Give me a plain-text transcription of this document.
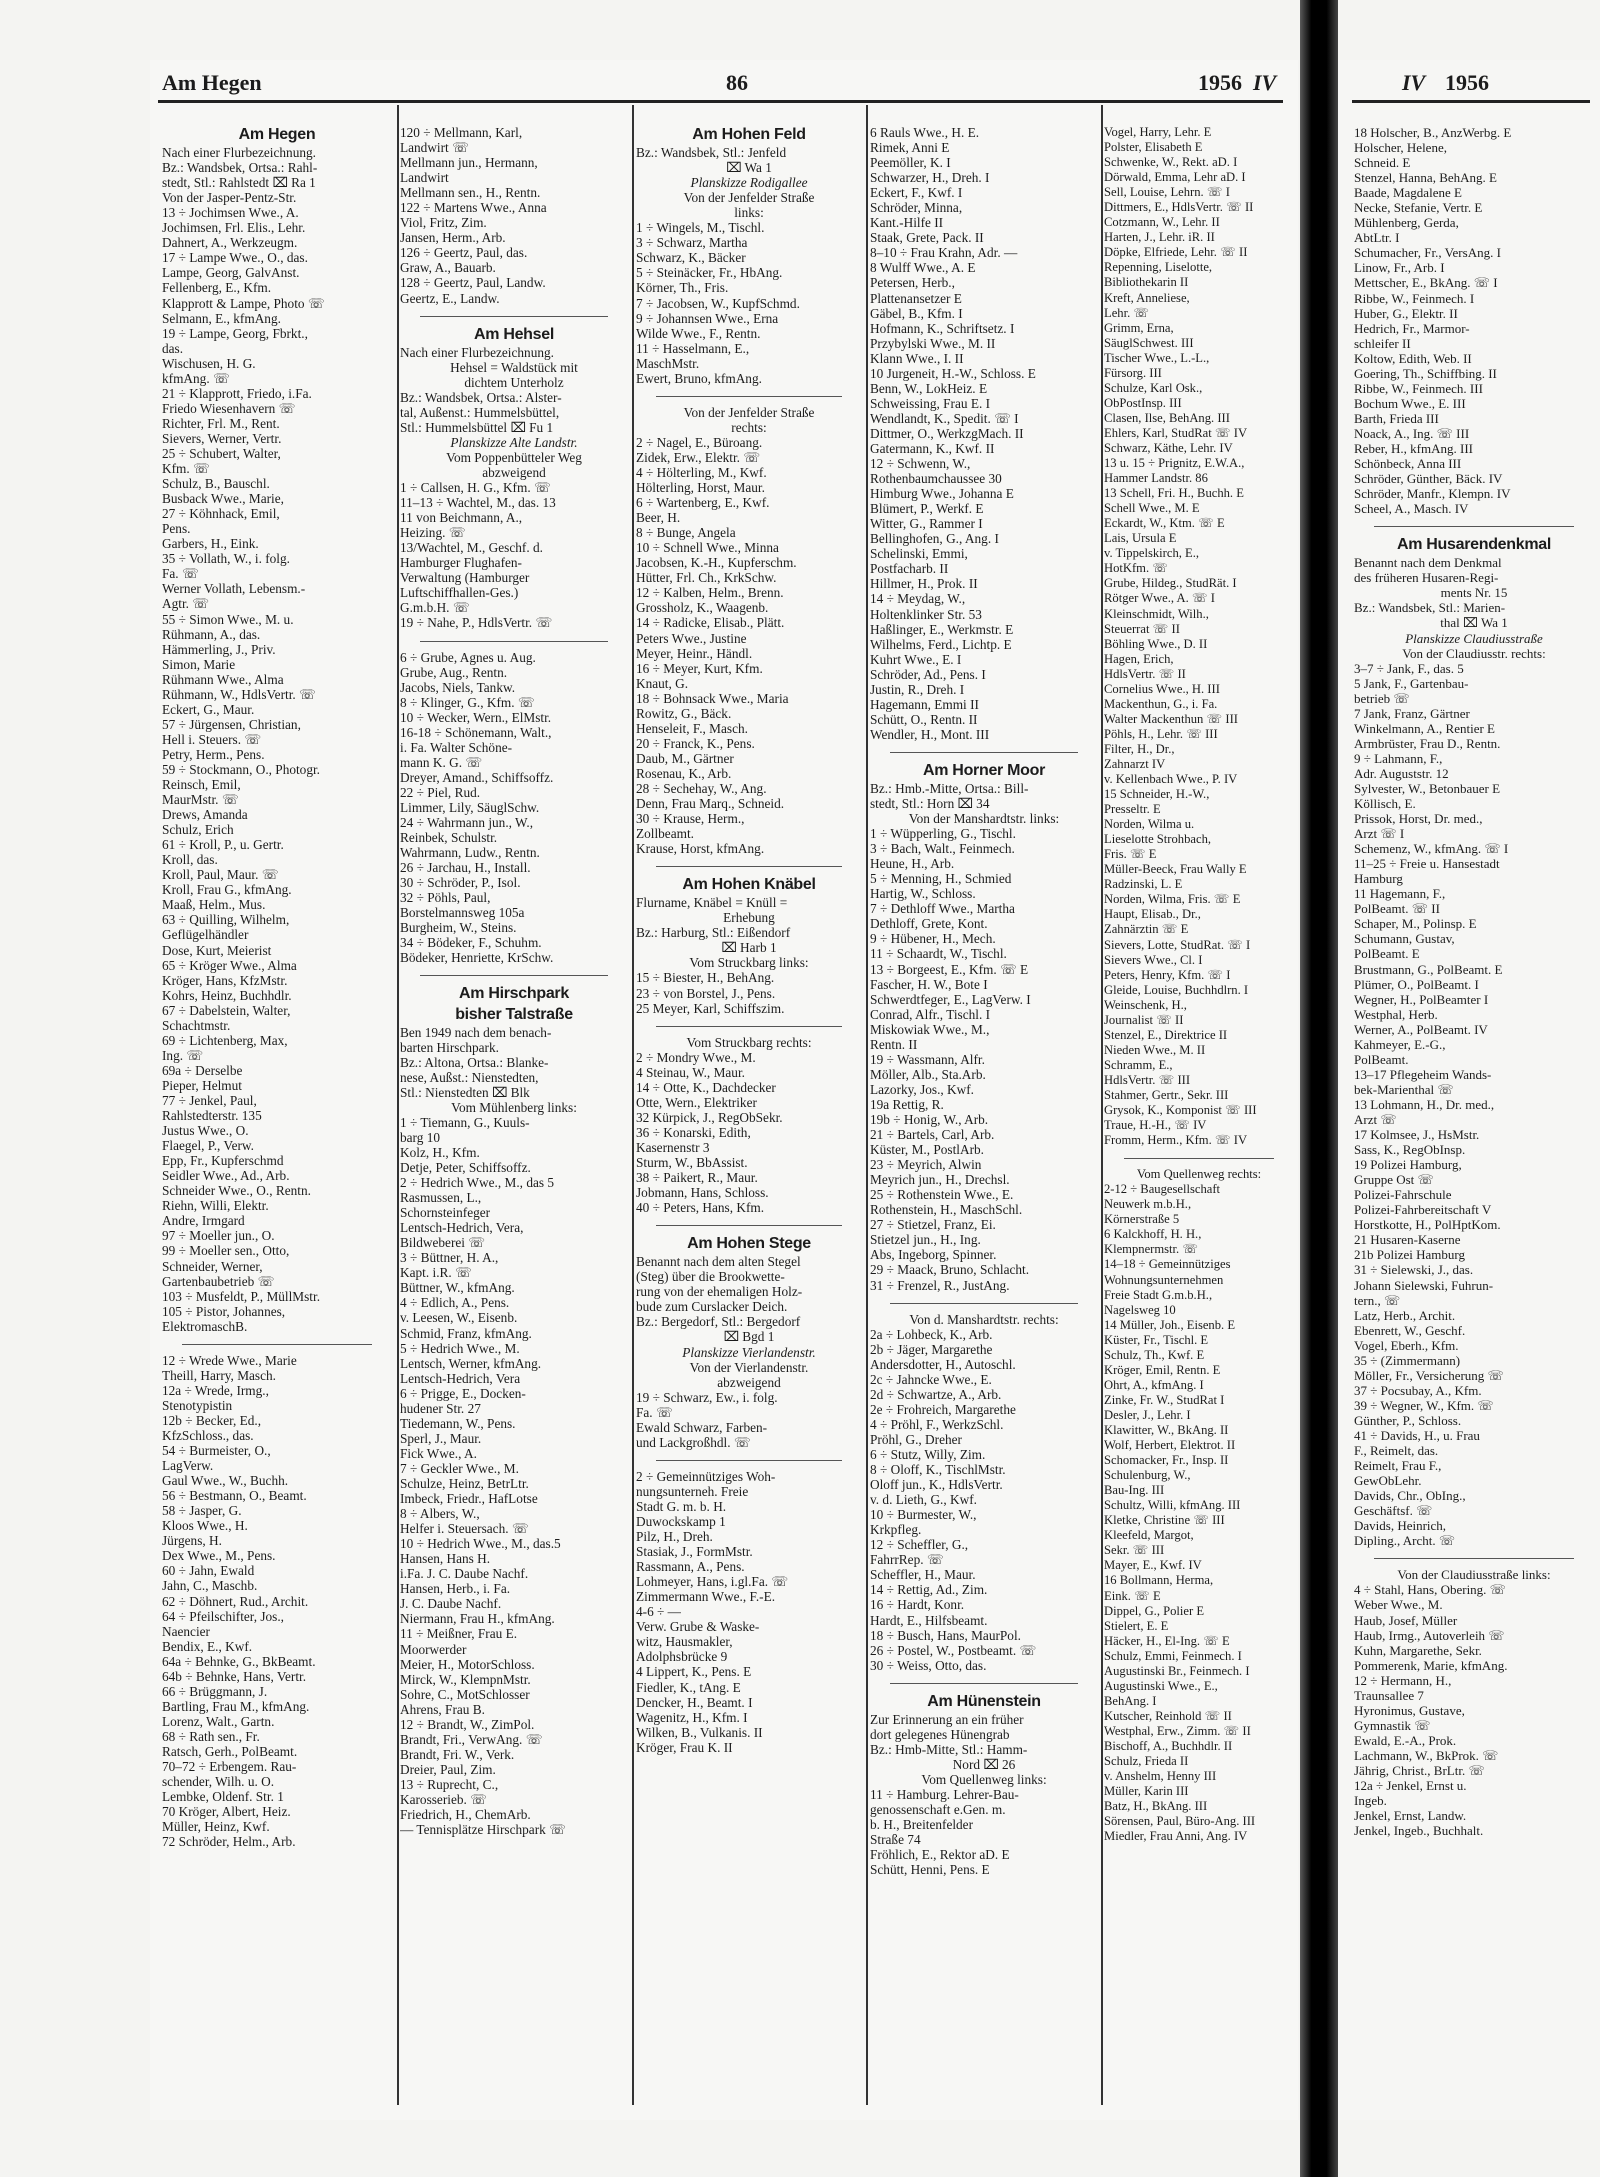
Am Hegen	86	1956 IV	IV 1956
Am Hegen
Nach einer Flurbezeichnung.
Bz.: Wandsbek, Ortsa.: Rahl-
stedt, Stl.: Rahlstedt ⌧ Ra 1
Von der Jasper-Pentz-Str.
13 ÷ Jochimsen Wwe., A.
Jochimsen, Frl. Elis., Lehr.
Dahnert, A., Werkzeugm.
17 ÷ Lampe Wwe., O., das.
Lampe, Georg, GalvAnst.
Fellenberg, E., Kfm.
Klapprott & Lampe, Photo ☏
Selmann, E., kfmAng.
19 ÷ Lampe, Georg, Fbrkt.,
das.
Wischusen, H. G.
kfmAng. ☏
21 ÷ Klapprott, Friedo, i.Fa.
Friedo Wiesenhavern ☏
Richter, Frl. M., Rent.
Sievers, Werner, Vertr.
25 ÷ Schubert, Walter,
Kfm. ☏
Schulz, B., Bauschl.
Busback Wwe., Marie,
27 ÷ Köhnhack, Emil,
Pens.
Garbers, H., Eink.
35 ÷ Vollath, W., i. folg.
Fa. ☏
Werner Vollath, Lebensm.-
Agtr. ☏
55 ÷ Simon Wwe., M. u.
Rühmann, A., das.
Hämmerling, J., Priv.
Simon, Marie
Rühmann Wwe., Alma
Rühmann, W., HdlsVertr. ☏
Eckert, G., Maur.
57 ÷ Jürgensen, Christian,
Hell i. Steuers. ☏
Petry, Herm., Pens.
59 ÷ Stockmann, O., Photogr.
Reinsch, Emil,
MaurMstr. ☏
Drews, Amanda
Schulz, Erich
61 ÷ Kroll, P., u. Gertr.
Kroll, das.
Kroll, Paul, Maur. ☏
Kroll, Frau G., kfmAng.
Maaß, Helm., Mus.
63 ÷ Quilling, Wilhelm,
Geflügelhändler
Dose, Kurt, Meierist
65 ÷ Kröger Wwe., Alma
Kröger, Hans, KfzMstr.
Kohrs, Heinz, Buchhdlr.
67 ÷ Dabelstein, Walter,
Schachtmstr.
69 ÷ Lichtenberg, Max,
Ing. ☏
69a ÷ Derselbe
Pieper, Helmut
77 ÷ Jenkel, Paul,
Rahlstedterstr. 135
Justus Wwe., O.
Flaegel, P., Verw.
Epp, Fr., Kupferschmd
Seidler Wwe., Ad., Arb.
Schneider Wwe., O., Rentn.
Riehn, Willi, Elektr.
Andre, Irmgard
97 ÷ Moeller jun., O.
99 ÷ Moeller sen., Otto,
Schneider, Werner,
Gartenbaubetrieb ☏
103 ÷ Musfeldt, P., MüllMstr.
105 ÷ Pistor, Johannes,
ElektromaschB.
12 ÷ Wrede Wwe., Marie
Theill, Harry, Masch.
12a ÷ Wrede, Irmg.,
Stenotypistin
12b ÷ Becker, Ed.,
KfzSchloss., das.
54 ÷ Burmeister, O.,
LagVerw.
Gaul Wwe., W., Buchh.
56 ÷ Bestmann, O., Beamt.
58 ÷ Jasper, G.
Kloos Wwe., H.
Jürgens, H.
Dex Wwe., M., Pens.
60 ÷ Jahn, Ewald
Jahn, C., Maschb.
62 ÷ Döhnert, Rud., Archit.
64 ÷ Pfeilschifter, Jos.,
Naencier
Bendix, E., Kwf.
64a ÷ Behnke, G., BkBeamt.
64b ÷ Behnke, Hans, Vertr.
66 ÷ Brüggmann, J.
Bartling, Frau M., kfmAng.
Lorenz, Walt., Gartn.
68 ÷ Rath sen., Fr.
Ratsch, Gerh., PolBeamt.
70–72 ÷ Erbengem. Rau-
schender, Wilh. u. O.
Lembke, Oldenf. Str. 1
70 Kröger, Albert, Heiz.
Müller, Heinz, Kwf.
72 Schröder, Helm., Arb.
120 ÷ Mellmann, Karl,
Landwirt ☏
Mellmann jun., Hermann,
Landwirt
Mellmann sen., H., Rentn.
122 ÷ Martens Wwe., Anna
Viol, Fritz, Zim.
Jansen, Herm., Arb.
126 ÷ Geertz, Paul, das.
Graw, A., Bauarb.
128 ÷ Geertz, Paul, Landw.
Geertz, E., Landw.
Am Hehsel
Nach einer Flurbezeichnung.
Hehsel = Waldstück mit
dichtem Unterholz
Bz.: Wandsbek, Ortsa.: Alster-
tal, Außenst.: Hummelsbüttel,
Stl.: Hummelsbüttel ⌧ Fu 1
Planskizze Alte Landstr.
Vom Poppenbütteler Weg
abzweigend
1 ÷ Callsen, H. G., Kfm. ☏
11–13 ÷ Wachtel, M., das. 13
11 von Beichmann, A.,
Heizing. ☏
13/Wachtel, M., Geschf. d.
Hamburger Flughafen-
Verwaltung (Hamburger
Luftschiffhallen-Ges.)
G.m.b.H. ☏
19 ÷ Nahe, P., HdlsVertr. ☏
6 ÷ Grube, Agnes u. Aug.
Grube, Aug., Rentn.
Jacobs, Niels, Tankw.
8 ÷ Klinger, G., Kfm. ☏
10 ÷ Wecker, Wern., ElMstr.
16-18 ÷ Schönemann, Walt.,
i. Fa. Walter Schöne-
mann K. G. ☏
Dreyer, Amand., Schiffsoffz.
22 ÷ Piel, Rud.
Limmer, Lily, SäuglSchw.
24 ÷ Wahrmann jun., W.,
Reinbek, Schulstr.
Wahrmann, Ludw., Rentn.
26 ÷ Jarchau, H., Install.
30 ÷ Schröder, P., Isol.
32 ÷ Pöhls, Paul,
Borstelmannsweg 105a
Burgheim, W., Steins.
34 ÷ Bödeker, F., Schuhm.
Bödeker, Henriette, KrSchw.
Am Hirschpark
bisher Talstraße
Ben 1949 nach dem benach-
barten Hirschpark.
Bz.: Altona, Ortsa.: Blanke-
nese, Außst.: Nienstedten,
Stl.: Nienstedten ⌧ Blk
Vom Mühlenberg links:
1 ÷ Tiemann, G., Kuuls-
barg 10
Kolz, H., Kfm.
Detje, Peter, Schiffsoffz.
2 ÷ Hedrich Wwe., M., das 5
Rasmussen, L.,
Schornsteinfeger
Lentsch-Hedrich, Vera,
Bildweberei ☏
3 ÷ Büttner, H. A.,
Kapt. i.R. ☏
Büttner, W., kfmAng.
4 ÷ Edlich, A., Pens.
v. Leesen, W., Eisenb.
Schmid, Franz, kfmAng.
5 ÷ Hedrich Wwe., M.
Lentsch, Werner, kfmAng.
Lentsch-Hedrich, Vera
6 ÷ Prigge, E., Docken-
hudener Str. 27
Tiedemann, W., Pens.
Sperl, J., Maur.
Fick Wwe., A.
7 ÷ Geckler Wwe., M.
Schulze, Heinz, BetrLtr.
Imbeck, Friedr., HafLotse
8 ÷ Albers, W.,
Helfer i. Steuersach. ☏
10 ÷ Hedrich Wwe., M., das.5
Hansen, Hans H.
i.Fa. J. C. Daube Nachf.
Hansen, Herb., i. Fa.
J. C. Daube Nachf.
Niermann, Frau H., kfmAng.
11 ÷ Meißner, Frau E.
Moorwerder
Meier, H., MotorSchloss.
Mirck, W., KlempnMstr.
Sohre, C., MotSchlosser
Ahrens, Frau B.
12 ÷ Brandt, W., ZimPol.
Brandt, Fri., VerwAng. ☏
Brandt, Fri. W., Verk.
Dreier, Paul, Zim.
13 ÷ Ruprecht, C.,
Karosserieb. ☏
Friedrich, H., ChemArb.
— Tennisplätze Hirschpark ☏
Am Hohen Feld
Bz.: Wandsbek, Stl.: Jenfeld
⌧ Wa 1
Planskizze Rodigallee
Von der Jenfelder Straße
links:
1 ÷ Wingels, M., Tischl.
3 ÷ Schwarz, Martha
Schwarz, K., Bäcker
5 ÷ Steinäcker, Fr., HbAng.
Körner, Th., Fris.
7 ÷ Jacobsen, W., KupfSchmd.
9 ÷ Johannsen Wwe., Erna
Wilde Wwe., F., Rentn.
11 ÷ Hasselmann, E.,
MaschMstr.
Ewert, Bruno, kfmAng.
Von der Jenfelder Straße
rechts:
2 ÷ Nagel, E., Büroang.
Zidek, Erw., Elektr. ☏
4 ÷ Hölterling, M., Kwf.
Hölterling, Horst, Maur.
6 ÷ Wartenberg, E., Kwf.
Beer, H.
8 ÷ Bunge, Angela
10 ÷ Schnell Wwe., Minna
Jacobsen, K.-H., Kupferschm.
Hütter, Frl. Ch., KrkSchw.
12 ÷ Kalben, Helm., Brenn.
Grossholz, K., Waagenb.
14 ÷ Radicke, Elisab., Plätt.
Peters Wwe., Justine
Meyer, Heinr., Händl.
16 ÷ Meyer, Kurt, Kfm.
Knaut, G.
18 ÷ Bohnsack Wwe., Maria
Rowitz, G., Bäck.
Henseleit, F., Masch.
20 ÷ Franck, K., Pens.
Daub, M., Gärtner
Rosenau, K., Arb.
28 ÷ Sechehay, W., Ang.
Denn, Frau Marq., Schneid.
30 ÷ Krause, Herm.,
Zollbeamt.
Krause, Horst, kfmAng.
Am Hohen Knäbel
Flurname, Knäbel = Knüll =
Erhebung
Bz.: Harburg, Stl.: Eißendorf
⌧ Harb 1
Vom Struckbarg links:
15 ÷ Biester, H., BehAng.
23 ÷ von Borstel, J., Pens.
25 Meyer, Karl, Schiffszim.
Vom Struckbarg rechts:
2 ÷ Mondry Wwe., M.
4 Steinau, W., Maur.
14 ÷ Otte, K., Dachdecker
Otte, Wern., Elektriker
32 Kürpick, J., RegObSekr.
36 ÷ Konarski, Edith,
Kasernenstr 3
Sturm, W., BbAssist.
38 ÷ Paikert, R., Maur.
Jobmann, Hans, Schloss.
40 ÷ Peters, Hans, Kfm.
Am Hohen Stege
Benannt nach dem alten Stegel
(Steg) über die Brookwette-
rung von der ehemaligen Holz-
bude zum Curslacker Deich.
Bz.: Bergedorf, Stl.: Bergedorf
⌧ Bgd 1
Planskizze Vierlandenstr.
Von der Vierlandenstr.
abzweigend
19 ÷ Schwarz, Ew., i. folg.
Fa. ☏
Ewald Schwarz, Farben-
und Lackgroßhdl. ☏
2 ÷ Gemeinnütziges Woh-
nungsunterneh. Freie
Stadt G. m. b. H.
Duwockskamp 1
Pilz, H., Dreh.
Stasiak, J., FormMstr.
Rassmann, A., Pens.
Lohmeyer, Hans, i.gl.Fa. ☏
Zimmermann Wwe., F.-E.
4-6 ÷ —
Verw. Grube & Waske-
witz, Hausmakler,
Adolphsbrücke 9
4 Lippert, K., Pens. E
Fiedler, K., tAng. E
Dencker, H., Beamt. I
Wagenitz, H., Kfm. I
Wilken, B., Vulkanis. II
Kröger, Frau K. II
6 Rauls Wwe., H. E.
Rimek, Anni E
Peemöller, K. I
Schwarzer, H., Dreh. I
Eckert, F., Kwf. I
Schröder, Minna,
Kant.-Hilfe II
Staak, Grete, Pack. II
8–10 ÷ Frau Krahn, Adr. —
8 Wulff Wwe., A. E
Petersen, Herb.,
Plattenansetzer E
Gäbel, B., Kfm. I
Hofmann, K., Schriftsetz. I
Przybylski Wwe., M. II
Klann Wwe., I. II
10 Jurgeneit, H.-W., Schloss. E
Benn, W., LokHeiz. E
Schweissing, Frau E. I
Wendlandt, K., Spedit. ☏ I
Dittmer, O., WerkzgMach. II
Gatermann, K., Kwf. II
12 ÷ Schwenn, W.,
Rothenbaumchaussee 30
Himburg Wwe., Johanna E
Blümert, P., Werkf. E
Witter, G., Rammer I
Bellinghofen, G., Ang. I
Schelinski, Emmi,
Postfacharb. II
Hillmer, H., Prok. II
14 ÷ Meydag, W.,
Holtenklinker Str. 53
Haßlinger, E., Werkmstr. E
Wilhelms, Ferd., Lichtp. E
Kuhrt Wwe., E. I
Schröder, Ad., Pens. I
Justin, R., Dreh. I
Hagemann, Emmi II
Schütt, O., Rentn. II
Wendler, H., Mont. III
Am Horner Moor
Bz.: Hmb.-Mitte, Ortsa.: Bill-
stedt, Stl.: Horn ⌧ 34
Von der Manshardtstr. links:
1 ÷ Wüpperling, G., Tischl.
3 ÷ Bach, Walt., Feinmech.
Heune, H., Arb.
5 ÷ Menning, H., Schmied
Hartig, W., Schloss.
7 ÷ Dethloff Wwe., Martha
Dethloff, Grete, Kont.
9 ÷ Hübener, H., Mech.
11 ÷ Schaardt, W., Tischl.
13 ÷ Borgeest, E., Kfm. ☏ E
Fascher, H. W., Bote I
Schwerdtfeger, E., LagVerw. I
Conrad, Alfr., Tischl. I
Miskowiak Wwe., M.,
Rentn. II
19 ÷ Wassmann, Alfr.
Möller, Alb., Sta.Arb.
Lazorky, Jos., Kwf.
19a Rettig, R.
19b ÷ Honig, W., Arb.
21 ÷ Bartels, Carl, Arb.
Küster, M., PostlArb.
23 ÷ Meyrich, Alwin
Meyrich jun., H., Drechsl.
25 ÷ Rothenstein Wwe., E.
Rothenstein, H., MaschSchl.
27 ÷ Stietzel, Franz, Ei.
Stietzel jun., H., Ing.
Abs, Ingeborg, Spinner.
29 ÷ Maack, Bruno, Schlacht.
31 ÷ Frenzel, R., JustAng.
Von d. Manshardtstr. rechts:
2a ÷ Lohbeck, K., Arb.
2b ÷ Jäger, Margarethe
Andersdotter, H., Autoschl.
2c ÷ Jahncke Wwe., E.
2d ÷ Schwartze, A., Arb.
2e ÷ Frohreich, Margarethe
4 ÷ Pröhl, F., WerkzSchl.
Pröhl, G., Dreher
6 ÷ Stutz, Willy, Zim.
8 ÷ Oloff, K., TischlMstr.
Oloff jun., K., HdlsVertr.
v. d. Lieth, G., Kwf.
10 ÷ Burmester, W.,
Krkpfleg.
12 ÷ Scheffler, G.,
FahrrRep. ☏
Scheffler, H., Maur.
14 ÷ Rettig, Ad., Zim.
16 ÷ Hardt, Konr.
Hardt, E., Hilfsbeamt.
18 ÷ Busch, Hans, MaurPol.
26 ÷ Postel, W., Postbeamt. ☏
30 ÷ Weiss, Otto, das.
Am Hünenstein
Zur Erinnerung an ein früher
dort gelegenes Hünengrab
Bz.: Hmb-Mitte, Stl.: Hamm-
Nord ⌧ 26
Vom Quellenweg links:
11 ÷ Hamburg. Lehrer-Bau-
genossenschaft e.Gen. m.
b. H., Breitenfelder
Straße 74
Fröhlich, E., Rektor aD. E
Schütt, Henni, Pens. E
Vogel, Harry, Lehr. E
Polster, Elisabeth E
Schwenke, W., Rekt. aD. I
Dörwald, Emma, Lehr aD. I
Sell, Louise, Lehrn. ☏ I
Dittmers, E., HdlsVertr. ☏ II
Cotzmann, W., Lehr. II
Harten, J., Lehr. iR. II
Döpke, Elfriede, Lehr. ☏ II
Repenning, Liselotte,
Bibliothekarin II
Kreft, Anneliese,
Lehr. ☏
Grimm, Erna,
SäuglSchwest. III
Tischer Wwe., L.-L.,
Fürsorg. III
Schulze, Karl Osk.,
ObPostInsp. III
Clasen, Ilse, BehAng. III
Ehlers, Karl, StudRat ☏ IV
Schwarz, Käthe, Lehr. IV
13 u. 15 ÷ Prignitz, E.W.A.,
Hammer Landstr. 86
13 Schell, Fri. H., Buchh. E
Schell Wwe., M. E
Eckardt, W., Ktm. ☏ E
Lais, Ursula E
v. Tippelskirch, E.,
HotKfm. ☏
Grube, Hildeg., StudRät. I
Rötger Wwe., A. ☏ I
Kleinschmidt, Wilh.,
Steuerrat ☏ II
Böhling Wwe., D. II
Hagen, Erich,
HdlsVertr. ☏ II
Cornelius Wwe., H. III
Mackenthun, G., i. Fa.
Walter Mackenthun ☏ III
Pöhls, H., Lehr. ☏ III
Filter, H., Dr.,
Zahnarzt IV
v. Kellenbach Wwe., P. IV
15 Schneider, H.-W.,
Presseltr. E
Norden, Wilma u.
Lieselotte Strohbach,
Fris. ☏ E
Müller-Beeck, Frau Wally E
Radzinski, L. E
Norden, Wilma, Fris. ☏ E
Haupt, Elisab., Dr.,
Zahnärztin ☏ E
Sievers, Lotte, StudRat. ☏ I
Sievers Wwe., Cl. I
Peters, Henry, Kfm. ☏ I
Gleide, Louise, Buchhdlrn. I
Weinschenk, H.,
Journalist ☏ II
Stenzel, E., Direktrice II
Nieden Wwe., M. II
Schramm, E.,
HdlsVertr. ☏ III
Stahmer, Gertr., Sekr. III
Grysok, K., Komponist ☏ III
Traue, H.-H., ☏ IV
Fromm, Herm., Kfm. ☏ IV
Vom Quellenweg rechts:
2-12 ÷ Baugesellschaft
Neuwerk m.b.H.,
Körnerstraße 5
6 Kalckhoff, H. H.,
Klempnermstr. ☏
14–18 ÷ Gemeinnütziges
Wohnungsunternehmen
Freie Stadt G.m.b.H.,
Nagelsweg 10
14 Müller, Joh., Eisenb. E
Küster, Fr., Tischl. E
Schulz, Th., Kwf. E
Kröger, Emil, Rentn. E
Ohrt, A., kfmAng. I
Zinke, Fr. W., StudRat I
Desler, J., Lehr. I
Klawitter, W., BkAng. II
Wolf, Herbert, Elektrot. II
Schomacker, Fr., Insp. II
Schulenburg, W.,
Bau-Ing. III
Schultz, Willi, kfmAng. III
Kletke, Christine ☏ III
Kleefeld, Margot,
Sekr. ☏ III
Mayer, E., Kwf. IV
16 Bollmann, Herma,
Eink. ☏ E
Dippel, G., Polier E
Stielert, E. E
Häcker, H., El-Ing. ☏ E
Schulz, Emmi, Feinmech. I
Augustinski Br., Feinmech. I
Augustinski Wwe., E.,
BehAng. I
Kutscher, Reinhold ☏ II
Westphal, Erw., Zimm. ☏ II
Bischoff, A., Buchhdlr. II
Schulz, Frieda II
v. Anshelm, Henny III
Müller, Karin III
Batz, H., BkAng. III
Sörensen, Paul, Büro-Ang. III
Miedler, Frau Anni, Ang. IV
18 Holscher, B., AnzWerbg. E
Holscher, Helene,
Schneid. E
Stenzel, Hanna, BehAng. E
Baade, Magdalene E
Necke, Stefanie, Vertr. E
Mühlenberg, Gerda,
AbtLtr. I
Schumacher, Fr., VersAng. I
Linow, Fr., Arb. I
Mettscher, E., BkAng. ☏ I
Ribbe, W., Feinmech. I
Huber, G., Elektr. II
Hedrich, Fr., Marmor-
schleifer II
Koltow, Edith, Web. II
Goering, Th., Schiffbing. II
Ribbe, W., Feinmech. III
Bochum Wwe., E. III
Barth, Frieda III
Noack, A., Ing. ☏ III
Reber, H., kfmAng. III
Schönbeck, Anna III
Schröder, Günther, Bäck. IV
Schröder, Manfr., Klempn. IV
Scheel, A., Masch. IV
Am Husarendenkmal
Benannt nach dem Denkmal
des früheren Husaren-Regi-
ments Nr. 15
Bz.: Wandsbek, Stl.: Marien-
thal ⌧ Wa 1
Planskizze Claudiusstraße
Von der Claudiusstr. rechts:
3–7 ÷ Jank, F., das. 5
5 Jank, F., Gartenbau-
betrieb ☏
7 Jank, Franz, Gärtner
Winkelmann, A., Rentier E
Armbrüster, Frau D., Rentn.
9 ÷ Lahmann, F.,
Adr. Auguststr. 12
Sylvester, W., Betonbauer E
Köllisch, E.
Prissok, Horst, Dr. med.,
Arzt ☏ I
Schemenz, W., kfmAng. ☏ I
11–25 ÷ Freie u. Hansestadt
Hamburg
11 Hagemann, F.,
PolBeamt. ☏ II
Schaper, M., Polinsp. E
Schumann, Gustav,
PolBeamt. E
Brustmann, G., PolBeamt. E
Plümer, O., PolBeamt. I
Wegner, H., PolBeamter I
Westphal, Herb.
Werner, A., PolBeamt. IV
Kahmeyer, E.-G.,
PolBeamt.
13–17 Pflegeheim Wands-
bek-Marienthal ☏
13 Lohmann, H., Dr. med.,
Arzt ☏
17 Kolmsee, J., HsMstr.
Sass, K., RegObInsp.
19 Polizei Hamburg,
Gruppe Ost ☏
Polizei-Fahrschule
Polizei-Fahrbereitschaft V
Horstkotte, H., PolHptKom.
21 Husaren-Kaserne
21b Polizei Hamburg
31 ÷ Sielewski, J., das.
Johann Sielewski, Fuhrun-
tern., ☏
Latz, Herb., Archit.
Ebenrett, W., Geschf.
Vogel, Eberh., Kfm.
35 ÷ (Zimmermann)
Möller, Fr., Versicherung ☏
37 ÷ Pocsubay, A., Kfm.
39 ÷ Wegner, W., Kfm. ☏
Günther, P., Schloss.
41 ÷ Davids, H., u. Frau
F., Reimelt, das.
Reimelt, Frau F.,
GewObLehr.
Davids, Chr., ObIng.,
Geschäftsf. ☏
Davids, Heinrich,
Dipling., Archt. ☏
Von der Claudiusstraße links:
4 ÷ Stahl, Hans, Obering. ☏
Weber Wwe., M.
Haub, Josef, Müller
Haub, Irmg., Autoverleih ☏
Kuhn, Margarethe, Sekr.
Pommerenk, Marie, kfmAng.
12 ÷ Hermann, H.,
Traunsallee 7
Hyronimus, Gustave,
Gymnastik ☏
Ewald, E.-A., Prok.
Lachmann, W., BkProk. ☏
Jährig, Christ., BrLtr. ☏
12a ÷ Jenkel, Ernst u.
Ingeb.
Jenkel, Ernst, Landw.
Jenkel, Ingeb., Buchhalt.
